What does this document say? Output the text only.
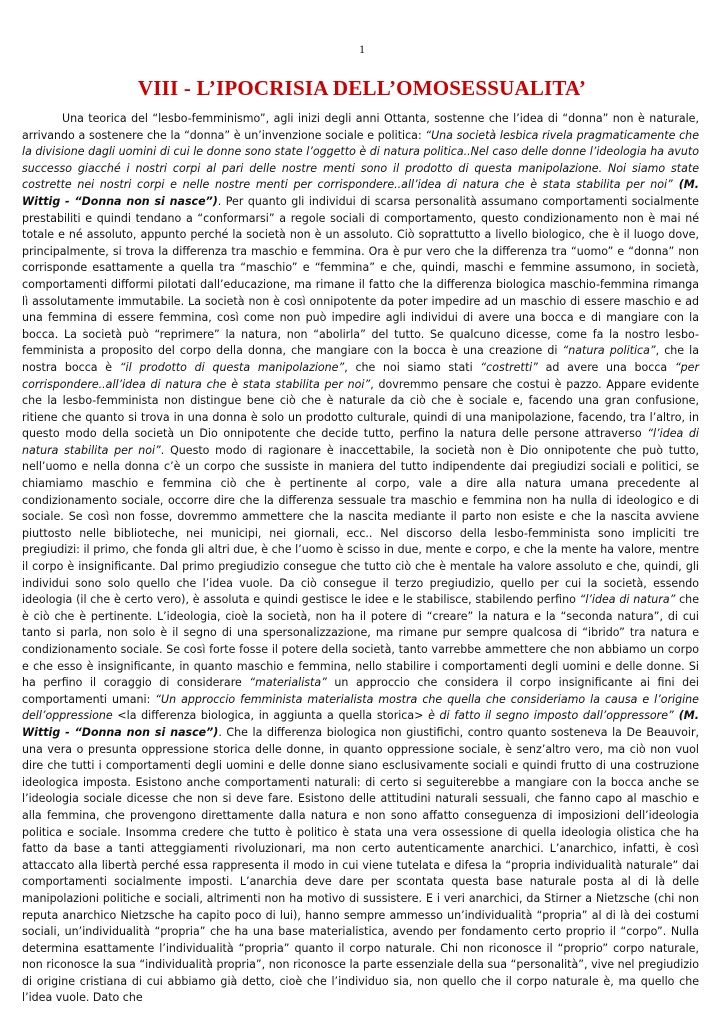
1
VIII - L’IPOCRISIA DELL’OMOSESSUALITA’

Una teorica del “lesbo-femminismo”, agli inizi degli anni Ottanta, sostenne che l’idea di “donna” non è naturale, arrivando a sostenere che la “donna” è un’invenzione sociale e politica: “Una società lesbica rivela pragmaticamente che la divisione dagli uomini di cui le donne sono state l’oggetto è di natura politica..Nel caso delle donne l’ideologia ha avuto successo giacché i nostri corpi al pari delle nostre menti sono il prodotto di questa manipolazione. Noi siamo state costrette nei nostri corpi e nelle nostre menti per corrispondere..all’idea di natura che è stata stabilita per noi” (M. Wittig - “Donna non si nasce”). Per quanto gli individui di scarsa personalità assumano comportamenti socialmente prestabiliti e quindi tendano a “conformarsi” a regole sociali di comportamento, questo condizionamento non è mai né totale e né assoluto, appunto perché la società non è un assoluto. Ciò soprattutto a livello biologico, che è il luogo dove, principalmente, si trova la differenza tra maschio e femmina. Ora è pur vero che la differenza tra “uomo” e “donna” non corrisponde esattamente a quella tra “maschio” e “femmina” e che, quindi, maschi e femmine assumono, in società, comportamenti difformi pilotati dall’educazione, ma rimane il fatto che la differenza biologica maschio-femmina rimanga lì assolutamente immutabile. La società non è così onnipotente da poter impedire ad un maschio di essere maschio e ad una femmina di essere femmina, così come non può impedire agli individui di avere una bocca e di mangiare con la bocca. La società può “reprimere” la natura, non “abolirla” del tutto. Se qualcuno dicesse, come fa la nostro lesbo-femminista a proposito del corpo della donna, che mangiare con la bocca è una creazione di “natura politica”, che la nostra bocca è “il prodotto di questa manipolazione”, che noi siamo stati “costretti” ad avere una bocca “per corrispondere..all’idea di natura che è stata stabilita per noi”, dovremmo pensare che costui è pazzo. Appare evidente che la lesbo-femminista non distingue bene ciò che è naturale da ciò che è sociale e, facendo una gran confusione, ritiene che quanto si trova in una donna è solo un prodotto culturale, quindi di una manipolazione, facendo, tra l’altro, in questo modo della società un Dio onnipotente che decide tutto, perfino la natura delle persone attraverso “l’idea di natura stabilita per noi”. Questo modo di ragionare è inaccettabile, la società non è Dio onnipotente che può tutto, nell’uomo e nella donna c’è un corpo che sussiste in maniera del tutto indipendente dai pregiudizi sociali e politici, se chiamiamo maschio e femmina ciò che è pertinente al corpo, vale a dire alla natura umana precedente al condizionamento sociale, occorre dire che la differenza sessuale tra maschio e femmina non ha nulla di ideologico e di sociale. Se così non fosse, dovremmo ammettere che la nascita mediante il parto non esiste e che la nascita avviene piuttosto nelle biblioteche, nei municipi, nei giornali, ecc.. Nel discorso della lesbo-femminista sono impliciti tre pregiudizi: il primo, che fonda gli altri due, è che l’uomo è scisso in due, mente e corpo, e che la mente ha valore, mentre il corpo è insignificante. Dal primo pregiudizio consegue che tutto ciò che è mentale ha valore assoluto e che, quindi, gli individui sono solo quello che l’idea vuole. Da ciò consegue il terzo pregiudizio, quello per cui la società, essendo ideologia (il che è certo vero), è assoluta e quindi gestisce le idee e le stabilisce, stabilendo perfino “l’idea di natura” che è ciò che è pertinente. L’ideologia, cioè la società, non ha il potere di “creare” la natura e la “seconda natura”, di cui tanto si parla, non solo è il segno di una spersonalizzazione, ma rimane pur sempre qualcosa di “ibrido” tra natura e condizionamento sociale. Se così forte fosse il potere della società, tanto varrebbe ammettere che non abbiamo un corpo e che esso è insignificante, in quanto maschio e femmina, nello stabilire i comportamenti degli uomini e delle donne. Si ha perfino il coraggio di considerare “materialista” un approccio che considera il corpo insignificante ai fini dei comportamenti umani: “Un approccio femminista materialista mostra che quella che consideriamo la causa e l’origine dell’oppressione <la differenza biologica, in aggiunta a quella storica> è di fatto il segno imposto dall’oppressore” (M. Wittig - “Donna non si nasce”). Che la differenza biologica non giustifichi, contro quanto sosteneva la De Beauvoir, una vera o presunta oppressione storica delle donne, in quanto oppressione sociale, è senz’altro vero, ma ciò non vuol dire che tutti i comportamenti degli uomini e delle donne siano esclusivamente sociali e quindi frutto di una costruzione ideologica imposta. Esistono anche comportamenti naturali: di certo si seguiterebbe a mangiare con la bocca anche se l’ideologia sociale dicesse che non si deve fare. Esistono delle attitudini naturali sessuali, che fanno capo al maschio e alla femmina, che provengono direttamente dalla natura e non sono affatto conseguenza di imposizioni dell’ideologia politica e sociale. Insomma credere che tutto è politico è stata una vera ossessione di quella ideologia olistica che ha fatto da base a tanti atteggiamenti rivoluzionari, ma non certo autenticamente anarchici. L’anarchico, infatti, è così attaccato alla libertà perché essa rappresenta il modo in cui viene tutelata e difesa la “propria individualità naturale” dai comportamenti socialmente imposti. L’anarchia deve dare per scontata questa base naturale posta al di là delle manipolazioni politiche e sociali, altrimenti non ha motivo di sussistere. E i veri anarchici, da Stirner a Nietzsche (chi non reputa anarchico Nietzsche ha capito poco di lui), hanno sempre ammesso un’individualità “propria” al di là dei costumi sociali, un’individualità “propria” che ha una base materialistica, avendo per fondamento certo proprio il “corpo”. Nulla determina esattamente l’individualità “propria” quanto il corpo naturale. Chi non riconosce il “proprio” corpo naturale, non riconosce la sua “individualità propria”, non riconosce la parte essenziale della sua “personalità”, vive nel pregiudizio di origine cristiana di cui abbiamo già detto, cioè che l’individuo sia, non quello che il corpo naturale è, ma quello che l’idea vuole. Dato che
